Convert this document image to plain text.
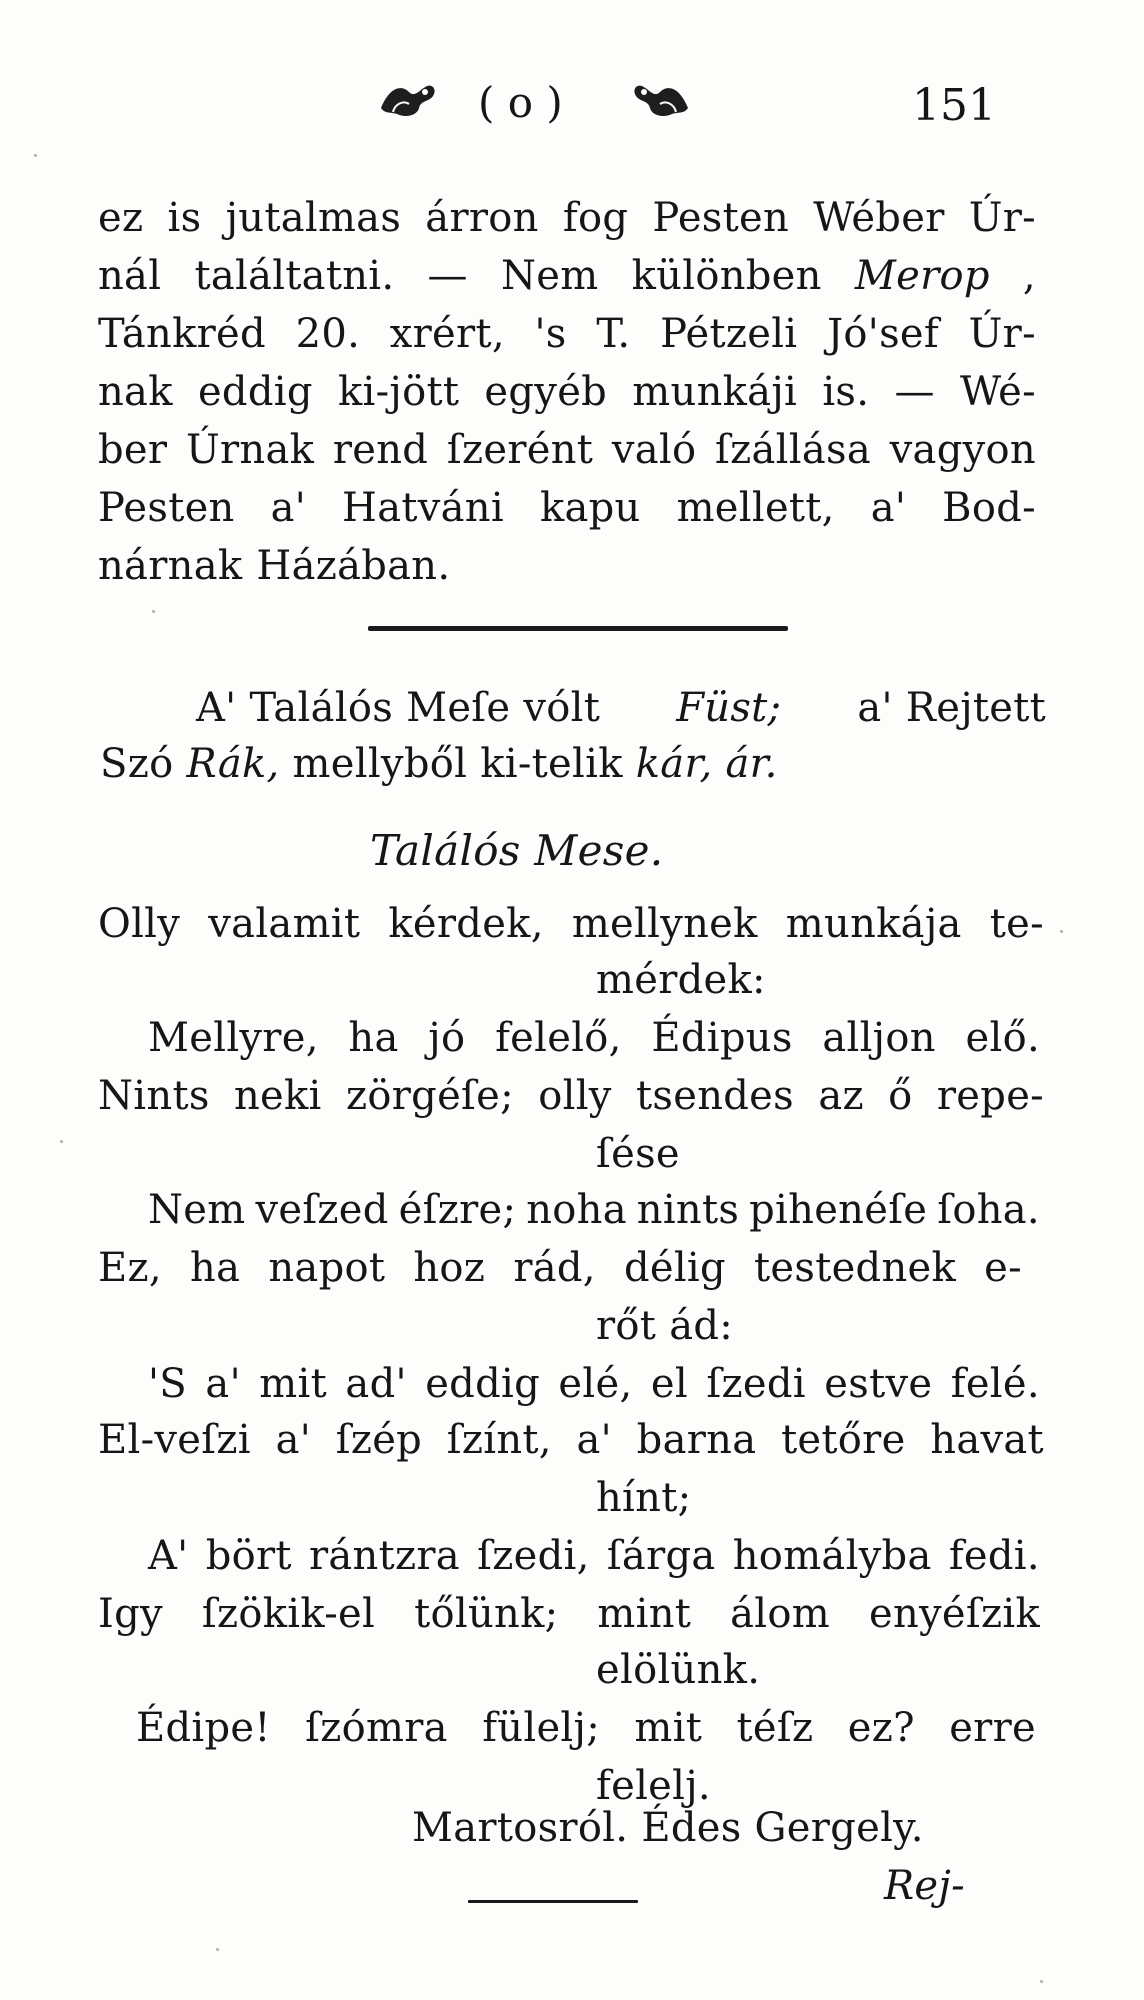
( o )	151
ez is jutalmas árron fog Pesten Wéber Úr-
nál találtatni. — Nem különben Merop ,
Tánkréd 20. xrért, 's T. Pétzeli Jó'sef Úr-
nak eddig ki-jött egyéb munkáji is. — Wé-
ber Úrnak rend ſzerént való ſzállása vagyon
Pesten a' Hatváni kapu mellett, a' Bod-
nárnak Házában.
A' Találós Meſe vólt Füst; a' Rejtett
Szó Rák, mellyből ki-telik kár, ár.
Találós Mese.
Olly valamit kérdek, mellynek munkája te-
mérdek:
Mellyre, ha jó felelő, Édipus alljon elő.
Nints neki zörgéſe; olly tsendes az ő repe-
ſése
Nem veſzed éſzre; noha nints pihenéſe ſoha.
Ez, ha napot hoz rád, délig testednek e-
rőt ád:
'S a' mit ad' eddig elé, el ſzedi estve felé.
El-veſzi a' ſzép ſzínt, a' barna tetőre havat
hínt;
A' bört rántzra ſzedi, ſárga homályba fedi.
Igy ſzökik-el tőlünk; mint álom enyéſzik
elölünk.
Édipe! ſzómra fülelj; mit téſz ez? erre
felelj.
Martosról. Édes Gergely.
Rej-
